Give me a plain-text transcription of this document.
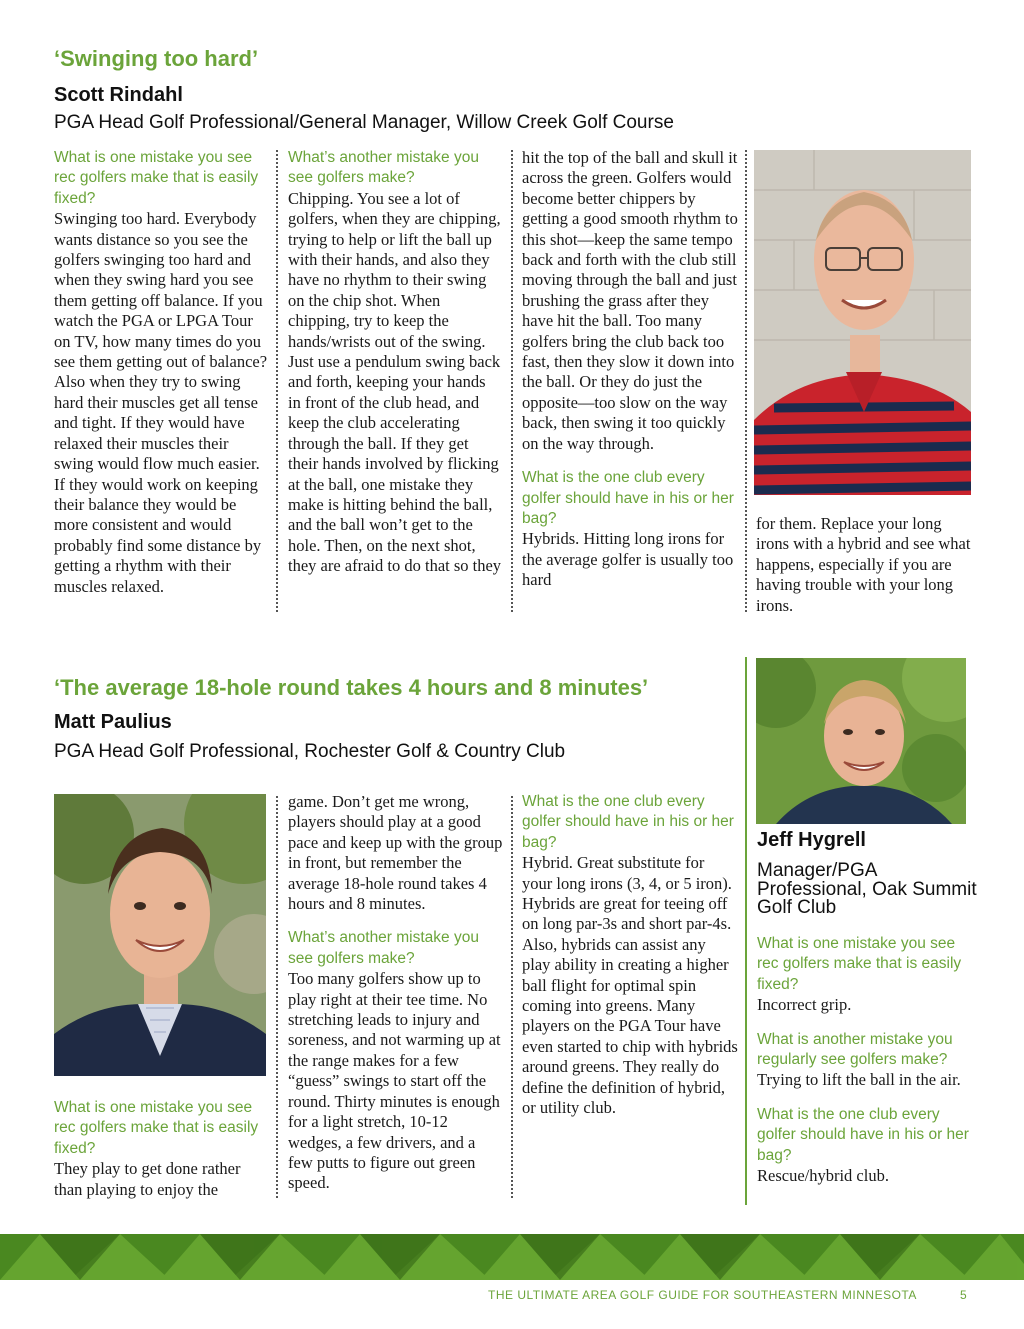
‘Swinging too hard’
Scott Rindahl
PGA Head Golf Professional/General Manager, Willow Creek Golf Course
What is one mistake you see rec golfers make that is easily fixed?
Swinging too hard. Everybody wants distance so you see the golfers swinging too hard and when they swing hard you see them getting off balance. If you watch the PGA or LPGA Tour on TV, how many times do you see them getting out of balance? Also when they try to swing hard their muscles get all tense and tight. If they would have relaxed their muscles their swing would flow much easier. If they would work on keeping their balance they would be more consistent and would probably find some distance by getting a rhythm with their muscles relaxed.
What’s another mistake you see golfers make?
Chipping. You see a lot of golfers, when they are chipping, trying to help or lift the ball up with their hands, and also they have no rhythm to their swing on the chip shot. When chipping, try to keep the hands/wrists out of the swing. Just use a pendulum swing back and forth, keeping your hands in front of the club head, and keep the club accelerating through the ball. If they get their hands involved by flicking at the ball, one mistake they make is hitting behind the ball, and the ball won’t get to the hole. Then, on the next shot, they are afraid to do that so they
hit the top of the ball and skull it across the green. Golfers would become better chippers by getting a good smooth rhythm to this shot—keep the same tempo back and forth with the club still moving through the ball and just brushing the grass after they have hit the ball. Too many golfers bring the club back too fast, then they slow it down into the ball. Or they do just the opposite—too slow on the way back, then swing it too quickly on the way through.
What is the one club every golfer should have in his or her bag?
Hybrids. Hitting long irons for the average golfer is usually too hard
for them. Replace your long irons with a hybrid and see what happens, especially if you are having trouble with your long irons.
‘The average 18-hole round takes 4 hours and 8 minutes’
Matt Paulius
PGA Head Golf Professional, Rochester Golf & Country Club
What is one mistake you see rec golfers make that is easily fixed?
They play to get done rather than playing to enjoy the
game. Don’t get me wrong, players should play at a good pace and keep up with the group in front, but remember the average 18-hole round takes 4 hours and 8 minutes.
What’s another mistake you see golfers make?
Too many golfers show up to play right at their tee time. No stretching leads to injury and soreness, and not warming up at the range makes for a few “guess” swings to start off the round. Thirty minutes is enough for a light stretch, 10-12 wedges, a few drivers, and a few putts to figure out green speed.
What is the one club every golfer should have in his or her bag?
Hybrid. Great substitute for your long irons (3, 4, or 5 iron). Hybrids are great for teeing off on long par-3s and short par-4s. Also, hybrids can assist any play ability in creating a higher ball flight for optimal spin coming into greens. Many players on the PGA Tour have even started to chip with hybrids around greens. They really do define the definition of hybrid, or utility club.
Jeff Hygrell
Manager/PGA Professional, Oak Summit Golf Club
What is one mistake you see rec golfers make that is easily fixed?
Incorrect grip.
What is another mistake you regularly see golfers make?
Trying to lift the ball in the air.
What is the one club every golfer should have in his or her bag?
Rescue/hybrid club.
THE ULTIMATE AREA GOLF GUIDE FOR SOUTHEASTERN MINNESOTA	5
